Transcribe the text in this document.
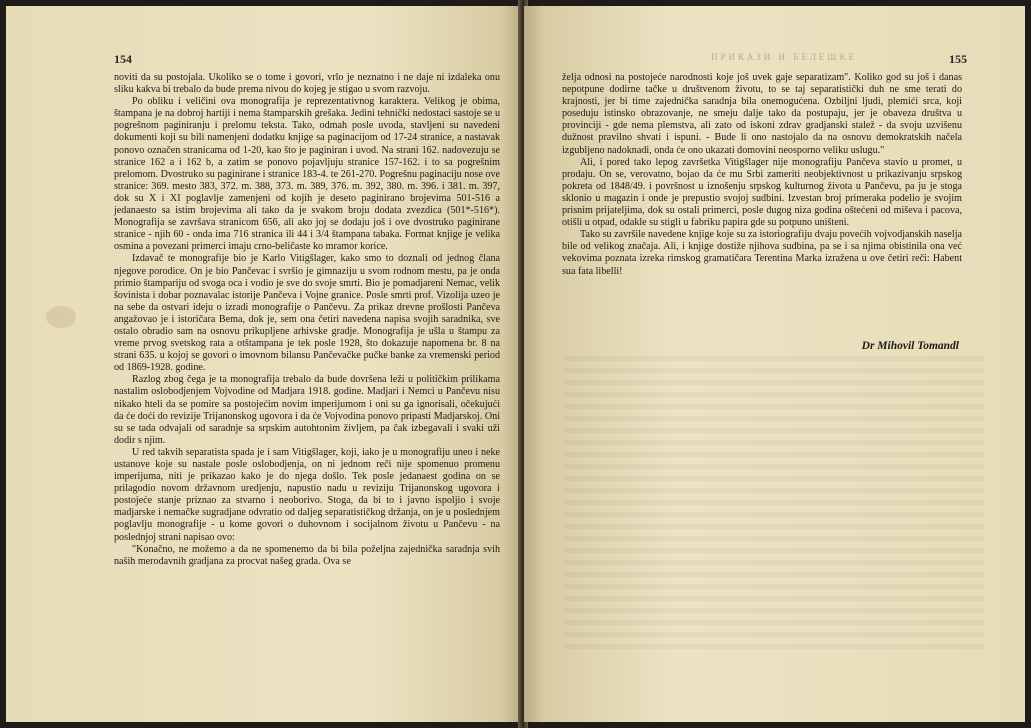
154

noviti da su postojala. Ukoliko se o tome i govori, vrlo je neznatno i ne daje ni izdaleka onu sliku kakva bi trebalo da bude prema nivou do kojeg je stigao u svom razvoju.

Po obliku i veličini ova monografija je reprezentativnog karaktera. Velikog je obima, štampana je na dobroj hartiji i nema štamparskih grešaka. Jedini tehnički nedostaci sastoje se u pogrešnom paginiranju i prelomu teksta. Tako, odmah posle uvoda, stavljeni su navedeni dokumenti koji su bili namenjeni dodatku knjige sa paginacijom od 17-24 stranice, a nastavak ponovo označen stranicama od 1-20, kao što je paginiran i uvod. Na strani 162. nadovezuju se stranice 162 a i 162 b, a zatim se ponovo pojavljuju stranice 157-162. i to sa pogrešnim prelomom. Dvostruko su paginirane i stranice 183-4. te 261-270. Pogrešnu paginaciju nose ove stranice: 369. mesto 383, 372. m. 388, 373. m. 389, 376. m. 392, 380. m. 396. i 381. m. 397, dok su X i XI poglavlje zamenjeni od kojih je deseto paginirano brojevima 501-516 a jedanaesto sa istim brojevima ali tako da je svakom broju dodata zvezdica (501*-516*). Monografija se završava stranicom 656, ali ako joj se dodaju još i ove dvostruko paginirane stranice - njih 60 - onda ima 716 stranica ili 44 i 3/4 štampana tabaka. Format knjige je velika osmina a povezani primerci imaju crno-beličaste ko mramor korice.

Izdavač te monografije bio je Karlo Vitigšlager, kako smo to doznali od jednog člana njegove porodice. On je bio Pančevac i svršio je gimnaziju u svom rodnom mestu, pa je onda primio štampariju od svoga oca i vodio je sve do svoje smrti. Bio je pomadjareni Nemac, velik šovinista i dobar poznavalac istorije Pančeva i Vojne granice. Posle smrti prof. Vizolija uzeo je na sebe da ostvari ideju o izradi monografije o Pančevu. Za prikaz drevne prošlosti Pančeva angažovao je i istoričara Bema, dok je, sem ona četiri navedena napisa svojih saradnika, sve ostalo obradio sam na osnovu prikupljene arhivske gradje. Monografija je ušla u štampu za vreme prvog svetskog rata a otštampana je tek posle 1928, što dokazuje napomena br. 8 na strani 635. u kojoj se govori o imovnom bilansu Pančevačke pučke banke za vremenski period od 1869-1928. godine.

Razlog zbog čega je ta monografija trebalo da bude dovršena leži u političkim prilikama nastalim oslobodjenjem Vojvodine od Madjara 1918. godine. Madjari i Nemci u Pančevu nisu nikako hteli da se pomire sa postojećim novim imperijumom i oni su ga ignorisali, očekujući da će doći do revizije Trijanonskog ugovora i da će Vojvodina ponovo pripasti Madjarskoj. Oni su se tada odvajali od saradnje sa srpskim autohtonim življem, pa čak izbegavali i svaki uži dodir s njim.

U red takvih separatista spada je i sam Vitigšlager, koji, iako je u monografiju uneo i neke ustanove koje su nastale posle oslobodjenja, on ni jednom reči nije spomenuo promenu imperijuma, niti je prikazao kako je do njega došlo. Tek posle jedanaest godina on se prilagodio novom državnom uredjenju, napustio nadu u reviziju Trijanonskog ugovora i postojeće stanje priznao za stvarno i neoborivo. Stoga, da bi to i javno ispoljio i svoje madjarske i nemačke sugradjane odvratio od daljeg separatističkog držanja, on je u poslednjem poglavlju monografije - u kome govori o duhovnom i socijalnom životu u Pančevu - na poslednjoj strani napisao ovo:

"Konačno, ne možemo a da ne spomenemo da bi bila poželjna zajednička saradnja svih naših merodavnih gradjana za procvat našeg grada. Ova se

ПРИКАЗИ И БЕЛЕШКЕ	155

želja odnosi na postojeće narodnosti koje još uvek gaje separatizam". Koliko god su još i danas nepotpune dodirne tačke u društvenom životu, to se taj separatistički duh ne sme terati do krajnosti, jer bi time zajednička saradnja bila onemogućena. Ozbiljni ljudi, plemići srca, koji poseduju istinsko obrazovanje, ne smeju dalje tako da postupaju, jer je obaveza društva u provinciji - gde nema plemstva, ali zato od iskoni zdrav gradjanski stalež - da svoju uzvišenu dužnost pravilno shvati i ispuni. - Bude li ono nastojalo da na osnovu demokratskih načela izgubljeno nadoknadi, onda će ono ukazati domovini neosporno veliku uslugu."

Ali, i pored tako lepog završetka Vitigšlager nije monografiju Pančeva stavio u promet, u prodaju. On se, verovatno, bojao da će mu Srbi zameriti neobjektivnost u prikazivanju srpskog pokreta od 1848/49. i površnost u iznošenju srpskog kulturnog života u Pančevu, pa ju je stoga sklonio u magazin i onde je prepustio svojoj sudbini. Izvestan broj primeraka podelio je svojim prisnim prijateljima, dok su ostali primerci, posle dugog niza godina oštećeni od miševa i pacova, otišli u otpad, odakle su stigli u fabriku papira gde su potpuno uništeni.

Tako su završile navedene knjige koje su za istoriografiju dvaju povećih vojvodjanskih naselja bile od velikog značaja. Ali, i knjige dostiže njihova sudbina, pa se i sa njima obistinila ona već vekovima poznata izreka rimskog gramatičara Terentina Marka izražena u ove četiri reči: Habent sua fata libelli!

Dr Mihovil Tomandl
